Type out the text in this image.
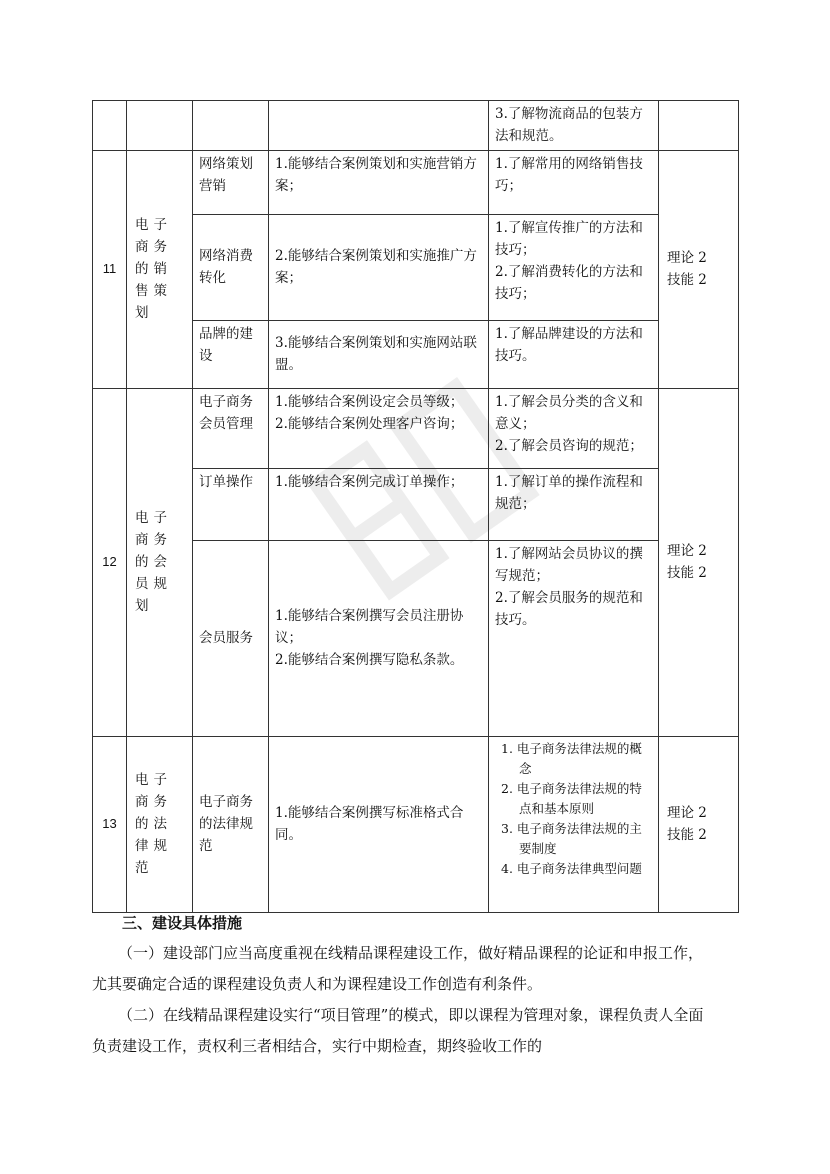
				3.了解物流商品的包装方法和规范。	

11	电子商务的销售策划	网络策划营销	1.能够结合案例策划和实施营销方案；	1.了解常用的网络销售技巧；	理论 2
技能 2

		网络消费转化	2.能够结合案例策划和实施推广方案；	1.了解宣传推广的方法和技巧；
2.了解消费转化的方法和技巧；	

		品牌的建设	3.能够结合案例策划和实施网站联盟。	1.了解品牌建设的方法和技巧。	

12	电子商务的会员规划	电子商务会员管理	1.能够结合案例设定会员等级；
2.能够结合案例处理客户咨询；	1.了解会员分类的含义和意义；
2.了解会员咨询的规范；	理论 2
技能 2

		订单操作	1.能够结合案例完成订单操作；	1.了解订单的操作流程和规范；	

		会员服务	1.能够结合案例撰写会员注册协议；
2.能够结合案例撰写隐私条款。	1.了解网站会员协议的撰写规范；
2.了解会员服务的规范和技巧。	

13	电子商务的法律规范	电子商务的法律规范	1.能够结合案例撰写标准格式合同。	1. 电子商务法律法规的概念
2. 电子商务法律法规的特点和基本原则
3. 电子商务法律法规的主要制度
4. 电子商务法律典型问题	理论 2
技能 2
三、建设具体措施
（一）建设部门应当高度重视在线精品课程建设工作，做好精品课程的论证和申报工作，尤其要确定合适的课程建设负责人和为课程建设工作创造有利条件。
（二）在线精品课程建设实行“项目管理”的模式，即以课程为管理对象，课程负责人全面负责建设工作，责权利三者相结合，实行中期检查，期终验收工作的
